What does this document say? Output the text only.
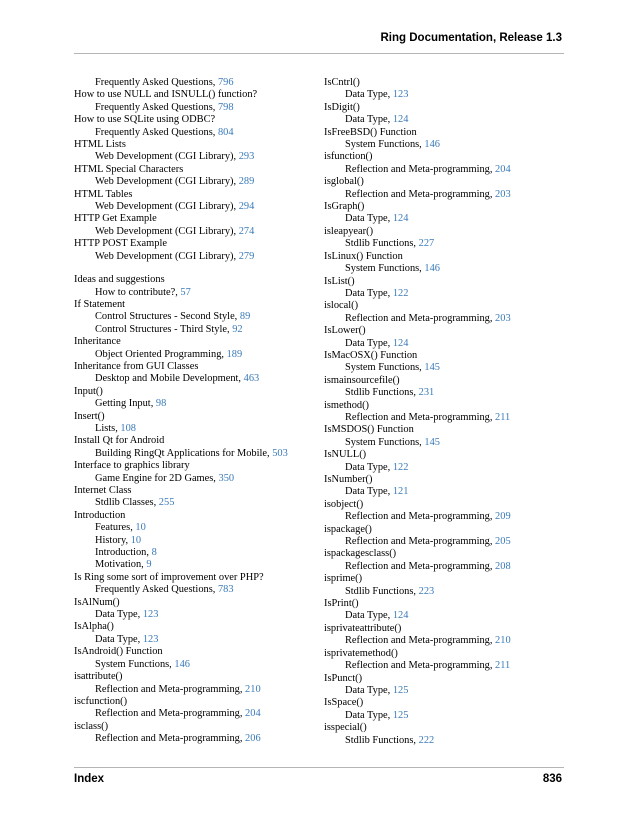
Ring Documentation, Release 1.3
Frequently Asked Questions, 796
How to use NULL and ISNULL() function?
Frequently Asked Questions, 798
How to use SQLite using ODBC?
Frequently Asked Questions, 804
HTML Lists
Web Development (CGI Library), 293
HTML Special Characters
Web Development (CGI Library), 289
HTML Tables
Web Development (CGI Library), 294
HTTP Get Example
Web Development (CGI Library), 274
HTTP POST Example
Web Development (CGI Library), 279
Ideas and suggestions
How to contribute?, 57
If Statement
Control Structures - Second Style, 89
Control Structures - Third Style, 92
Inheritance
Object Oriented Programming, 189
Inheritance from GUI Classes
Desktop and Mobile Development, 463
Input()
Getting Input, 98
Insert()
Lists, 108
Install Qt for Android
Building RingQt Applications for Mobile, 503
Interface to graphics library
Game Engine for 2D Games, 350
Internet Class
Stdlib Classes, 255
Introduction
Features, 10
History, 10
Introduction, 8
Motivation, 9
Is Ring some sort of improvement over PHP?
Frequently Asked Questions, 783
IsAlNum()
Data Type, 123
IsAlpha()
Data Type, 123
IsAndroid() Function
System Functions, 146
isattribute()
Reflection and Meta-programming, 210
iscfunction()
Reflection and Meta-programming, 204
isclass()
Reflection and Meta-programming, 206
IsCntrl()
Data Type, 123
IsDigit()
Data Type, 124
IsFreeBSD() Function
System Functions, 146
isfunction()
Reflection and Meta-programming, 204
isglobal()
Reflection and Meta-programming, 203
IsGraph()
Data Type, 124
isleapyear()
Stdlib Functions, 227
IsLinux() Function
System Functions, 146
IsList()
Data Type, 122
islocal()
Reflection and Meta-programming, 203
IsLower()
Data Type, 124
IsMacOSX() Function
System Functions, 145
ismainsourcefile()
Stdlib Functions, 231
ismethod()
Reflection and Meta-programming, 211
IsMSDOS() Function
System Functions, 145
IsNULL()
Data Type, 122
IsNumber()
Data Type, 121
isobject()
Reflection and Meta-programming, 209
ispackage()
Reflection and Meta-programming, 205
ispackagesclass()
Reflection and Meta-programming, 208
isprime()
Stdlib Functions, 223
IsPrint()
Data Type, 124
isprivateattribute()
Reflection and Meta-programming, 210
isprivatemethod()
Reflection and Meta-programming, 211
IsPunct()
Data Type, 125
IsSpace()
Data Type, 125
isspecial()
Stdlib Functions, 222
Index	836
